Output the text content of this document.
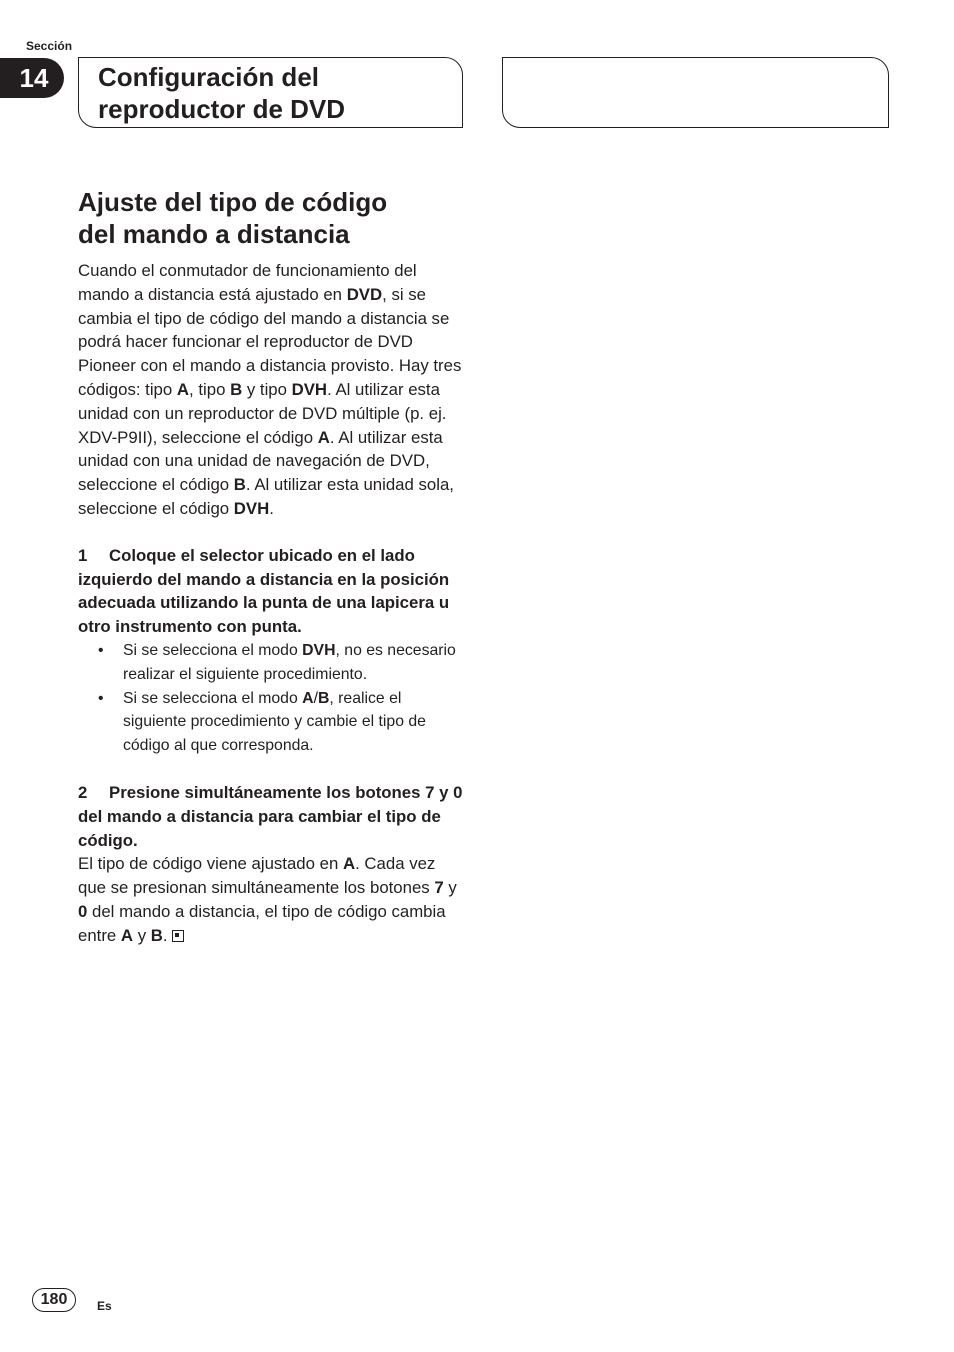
Sección
14	Configuración del
reproductor de DVD
Ajuste del tipo de código
del mando a distancia

Cuando el conmutador de funcionamiento del mando a distancia está ajustado en DVD, si se cambia el tipo de código del mando a distancia se podrá hacer funcionar el reproductor de DVD Pioneer con el mando a distancia provisto. Hay tres códigos: tipo A, tipo B y tipo DVH. Al utilizar esta unidad con un reproductor de DVD múltiple (p. ej. XDV-P9II), seleccione el código A. Al utilizar esta unidad con una unidad de navegación de DVD, seleccione el código B. Al utilizar esta unidad sola, seleccione el código DVH.

1 Coloque el selector ubicado en el lado izquierdo del mando a distancia en la posición adecuada utilizando la punta de una lapicera u otro instrumento con punta.

• Si se selecciona el modo DVH, no es necesario realizar el siguiente procedimiento.
• Si se selecciona el modo A/B, realice el siguiente procedimiento y cambie el tipo de código al que corresponda.

2 Presione simultáneamente los botones 7 y 0 del mando a distancia para cambiar el tipo de código.

El tipo de código viene ajustado en A. Cada vez que se presionan simultáneamente los botones 7 y 0 del mando a distancia, el tipo de código cambia entre A y B.

180	Es
